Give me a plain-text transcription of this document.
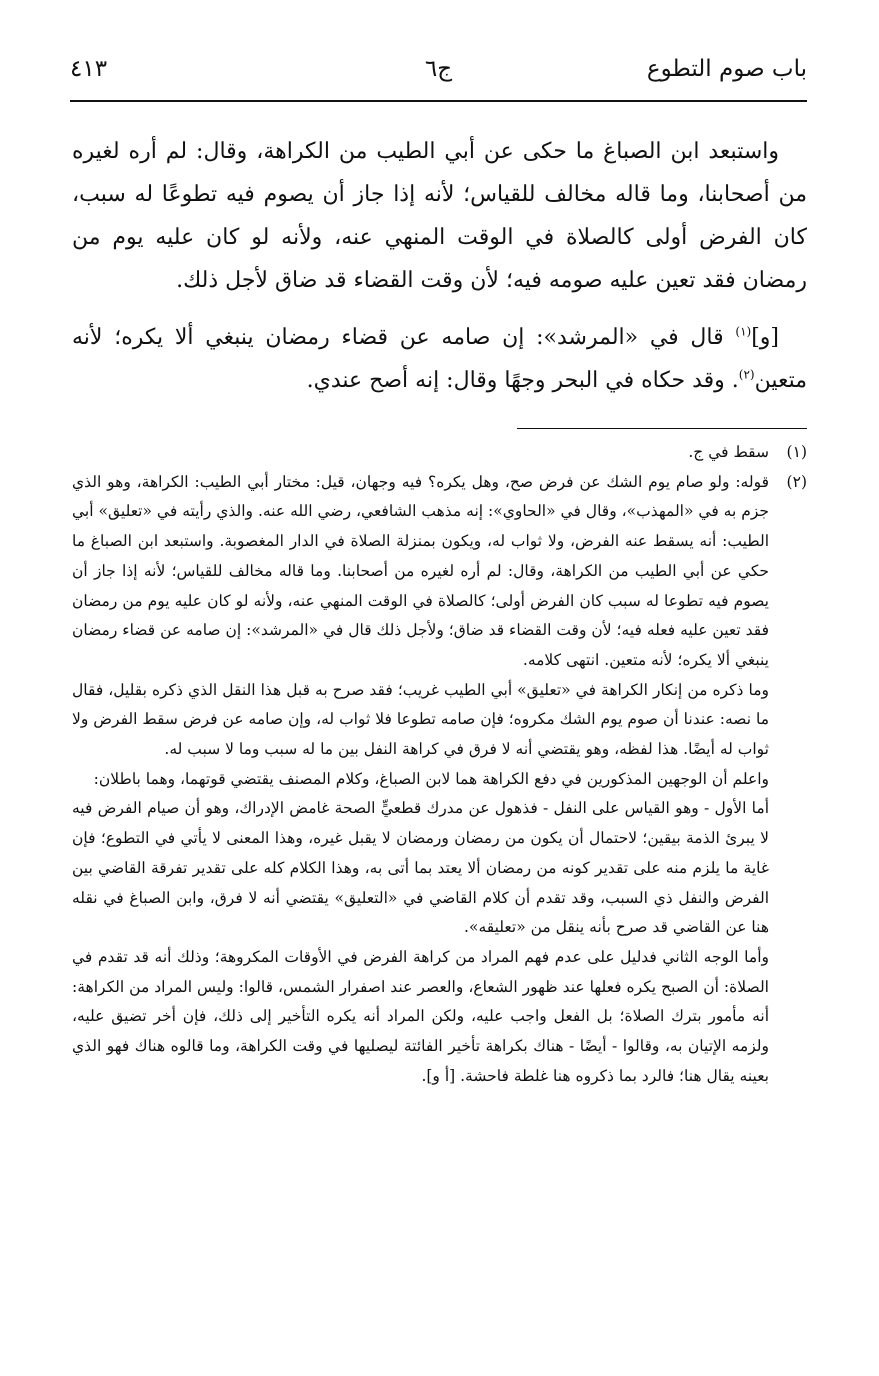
باب صوم التطوع
ج٦
٤١٣

واستبعد ابن الصباغ ما حكى عن أبي الطيب من الكراهة، وقال: لم أره لغيره من أصحابنا، وما قاله مخالف للقياس؛ لأنه إذا جاز أن يصوم فيه تطوعًا له سبب، كان الفرض أولى كالصلاة في الوقت المنهي عنه، ولأنه لو كان عليه يوم من رمضان فقد تعين عليه صومه فيه؛ لأن وقت القضاء قد ضاق لأجل ذلك.

[و]$^{(١)}$ قال في «المرشد»: إن صامه عن قضاء رمضان ينبغي ألا يكره؛ لأنه متعين$^{(٢)}$. وقد حكاه في البحر وجهًا وقال: إنه أصح عندي.

(١)
سقط في ج.
(٢)

قوله: ولو صام يوم الشك عن فرض صح، وهل يكره؟ فيه وجهان، قيل: مختار أبي الطيب: الكراهة، وهو الذي جزم به في «المهذب»، وقال في «الحاوي»: إنه مذهب الشافعي، رضي الله عنه. والذي رأيته في «تعليق» أبي الطيب: أنه يسقط عنه الفرض، ولا ثواب له، ويكون بمنزلة الصلاة في الدار المغصوبة. واستبعد ابن الصباغ ما حكي عن أبي الطيب من الكراهة، وقال: لم أره لغيره من أصحابنا. وما قاله مخالف للقياس؛ لأنه إذا جاز أن يصوم فيه تطوعا له سبب كان الفرض أولى؛ كالصلاة في الوقت المنهي عنه، ولأنه لو كان عليه يوم من رمضان فقد تعين عليه فعله فيه؛ لأن وقت القضاء قد ضاق؛ ولأجل ذلك قال في «المرشد»: إن صامه عن قضاء رمضان ينبغي ألا يكره؛ لأنه متعين. انتهى كلامه.

وما ذكره من إنكار الكراهة في «تعليق» أبي الطيب غريب؛ فقد صرح به قبل هذا النقل الذي ذكره بقليل، فقال ما نصه: عندنا أن صوم يوم الشك مكروه؛ فإن صامه تطوعا فلا ثواب له، وإن صامه عن فرض سقط الفرض ولا ثواب له أيضًا. هذا لفظه، وهو يقتضي أنه لا فرق في كراهة النفل بين ما له سبب وما لا سبب له.

واعلم أن الوجهين المذكورين في دفع الكراهة هما لابن الصباغ، وكلام المصنف يقتضي قوتهما، وهما باطلان:

أما الأول - وهو القياس على النفل - فذهول عن مدرك قطعيٍّ الصحة غامض الإدراك، وهو أن صيام الفرض فيه لا يبرئ الذمة بيقين؛ لاحتمال أن يكون من رمضان ورمضان لا يقبل غيره، وهذا المعنى لا يأتي في التطوع؛ فإن غاية ما يلزم منه على تقدير كونه من رمضان ألا يعتد بما أتى به، وهذا الكلام كله على تقدير تفرقة القاضي بين الفرض والنفل ذي السبب، وقد تقدم أن كلام القاضي في «التعليق» يقتضي أنه لا فرق، وابن الصباغ في نقله هنا عن القاضي قد صرح بأنه ينقل من «تعليقه».

وأما الوجه الثاني فدليل على عدم فهم المراد من كراهة الفرض في الأوقات المكروهة؛ وذلك أنه قد تقدم في الصلاة: أن الصبح يكره فعلها عند ظهور الشعاع، والعصر عند اصفرار الشمس، قالوا: وليس المراد من الكراهة: أنه مأمور بترك الصلاة؛ بل الفعل واجب عليه، ولكن المراد أنه يكره التأخير إلى ذلك، فإن أخر تضيق عليه، ولزمه الإتيان به، وقالوا - أيضًا - هناك بكراهة تأخير الفائتة ليصليها في وقت الكراهة، وما قالوه هناك فهو الذي بعينه يقال هنا؛ فالرد بما ذكروه هنا غلطة فاحشة. [أ و].
